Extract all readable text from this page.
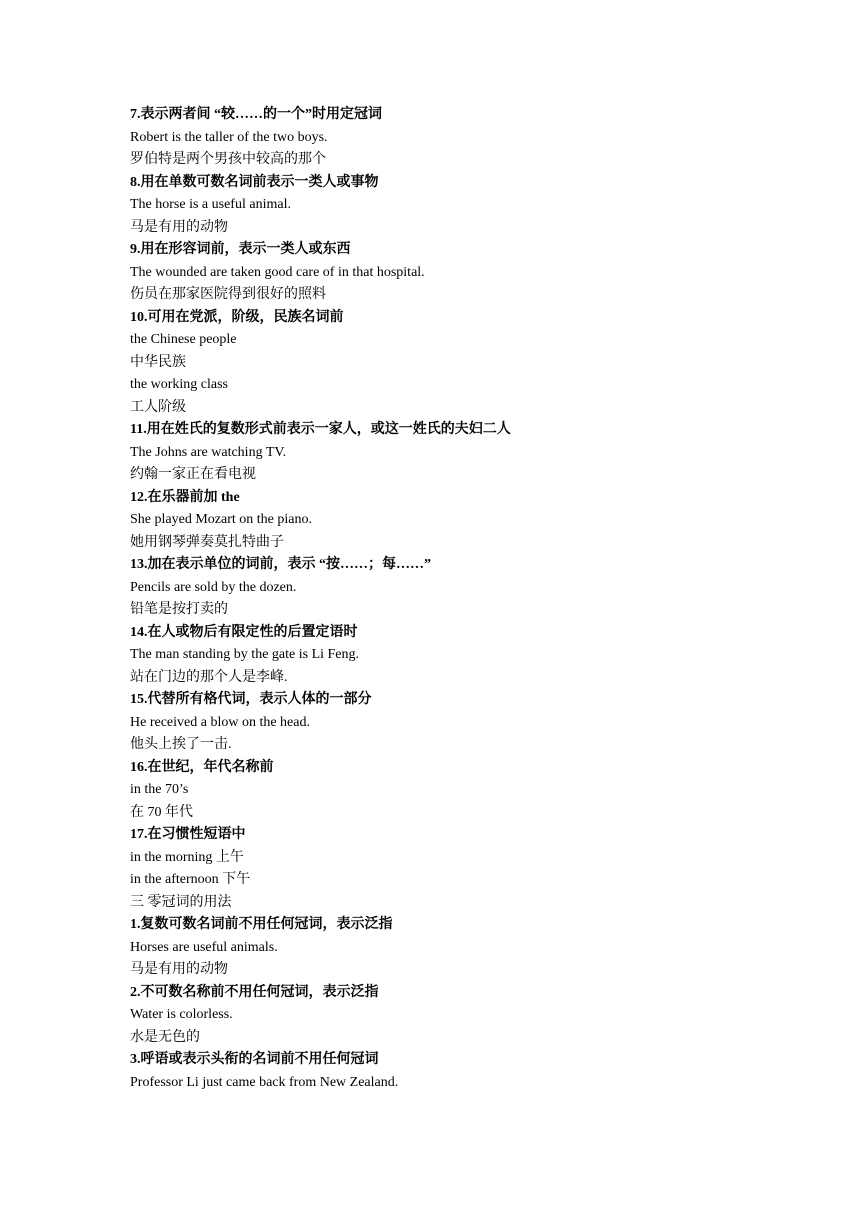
7.表示两者间 “较……的一个”时用定冠词
Robert is the taller of the two boys.
罗伯特是两个男孩中较高的那个
8.用在单数可数名词前表示一类人或事物
The horse is a useful animal.
马是有用的动物
9.用在形容词前，表示一类人或东西
The wounded are taken good care of in that hospital.
伤员在那家医院得到很好的照料
10.可用在党派，阶级，民族名词前
the Chinese people
中华民族
the working class
工人阶级
11.用在姓氏的复数形式前表示一家人，或这一姓氏的夫妇二人
The Johns are watching TV.
约翰一家正在看电视
12.在乐器前加 the
She played Mozart on the piano.
她用钢琴弹奏莫扎特曲子
13.加在表示单位的词前，表示 “按……；每……”
Pencils are sold by the dozen.
铅笔是按打卖的
14.在人或物后有限定性的后置定语时
The man standing by the gate is Li Feng.
站在门边的那个人是李峰.
15.代替所有格代词，表示人体的一部分
He received a blow on the head.
他头上挨了一击.
16.在世纪，年代名称前
in the 70’s
在 70 年代
17.在习惯性短语中
in the morning 上午
in the afternoon 下午
三 零冠词的用法
1.复数可数名词前不用任何冠词，表示泛指
Horses are useful animals.
马是有用的动物
2.不可数名称前不用任何冠词，表示泛指
Water is colorless.
水是无色的
3.呼语或表示头衔的名词前不用任何冠词
Professor Li just came back from New Zealand.
